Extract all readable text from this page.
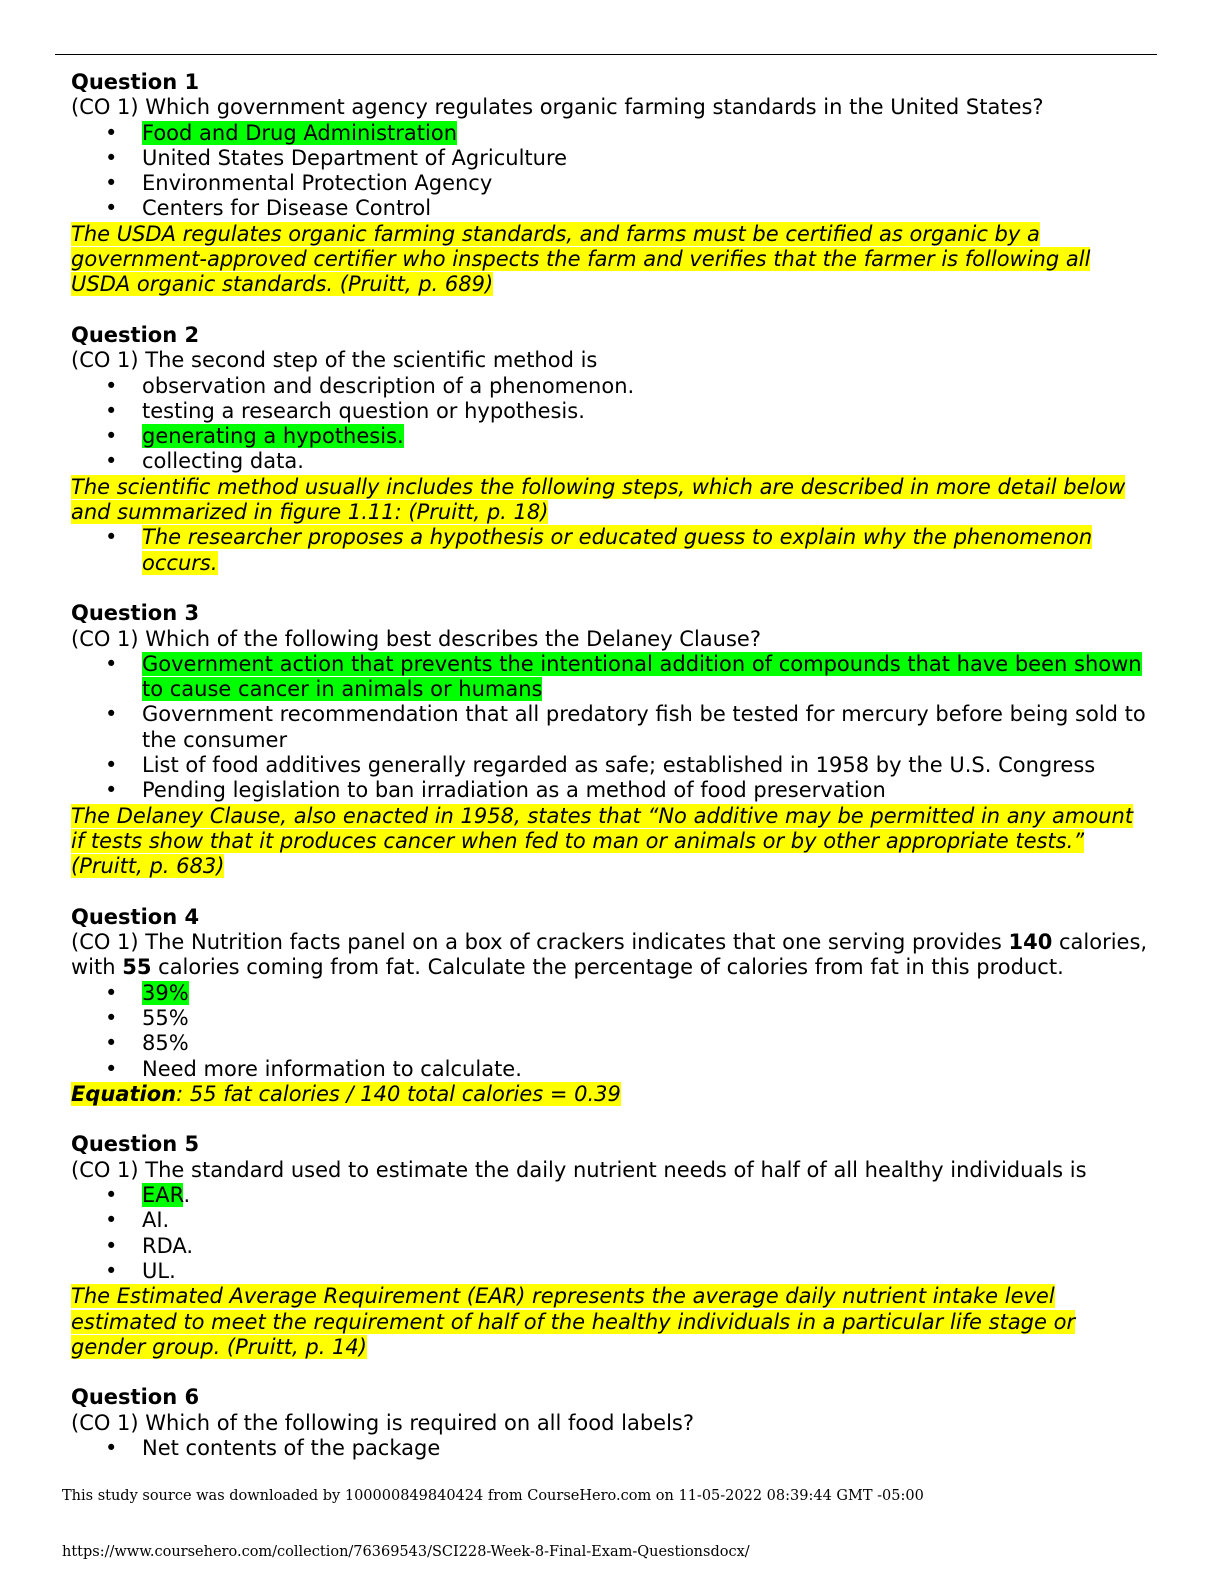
Question 1
(CO 1) Which government agency regulates organic farming standards in the United States?
• Food and Drug Administration
• United States Department of Agriculture
• Environmental Protection Agency
• Centers for Disease Control
The USDA regulates organic farming standards, and farms must be certified as organic by a government-approved certifier who inspects the farm and verifies that the farmer is following all USDA organic standards. (Pruitt, p. 689)
Question 2
(CO 1) The second step of the scientific method is
• observation and description of a phenomenon.
• testing a research question or hypothesis.
• generating a hypothesis.
• collecting data.
The scientific method usually includes the following steps, which are described in more detail below and summarized in figure 1.11: (Pruitt, p. 18)
• The researcher proposes a hypothesis or educated guess to explain why the phenomenon occurs.
Question 3
(CO 1) Which of the following best describes the Delaney Clause?
• Government action that prevents the intentional addition of compounds that have been shown to cause cancer in animals or humans
• Government recommendation that all predatory fish be tested for mercury before being sold to the consumer
• List of food additives generally regarded as safe; established in 1958 by the U.S. Congress
• Pending legislation to ban irradiation as a method of food preservation
The Delaney Clause, also enacted in 1958, states that “No additive may be permitted in any amount if tests show that it produces cancer when fed to man or animals or by other appropriate tests.” (Pruitt, p. 683)
Question 4
(CO 1) The Nutrition facts panel on a box of crackers indicates that one serving provides 140 calories, with 55 calories coming from fat. Calculate the percentage of calories from fat in this product.
• 39%
• 55%
• 85%
• Need more information to calculate.
Equation: 55 fat calories / 140 total calories = 0.39
Question 5
(CO 1) The standard used to estimate the daily nutrient needs of half of all healthy individuals is
• EAR.
• AI.
• RDA.
• UL.
The Estimated Average Requirement (EAR) represents the average daily nutrient intake level estimated to meet the requirement of half of the healthy individuals in a particular life stage or gender group. (Pruitt, p. 14)
Question 6
(CO 1) Which of the following is required on all food labels?
• Net contents of the package
This study source was downloaded by 100000849840424 from CourseHero.com on 11-05-2022 08:39:44 GMT -05:00
https://www.coursehero.com/collection/76369543/SCI228-Week-8-Final-Exam-Questionsdocx/
